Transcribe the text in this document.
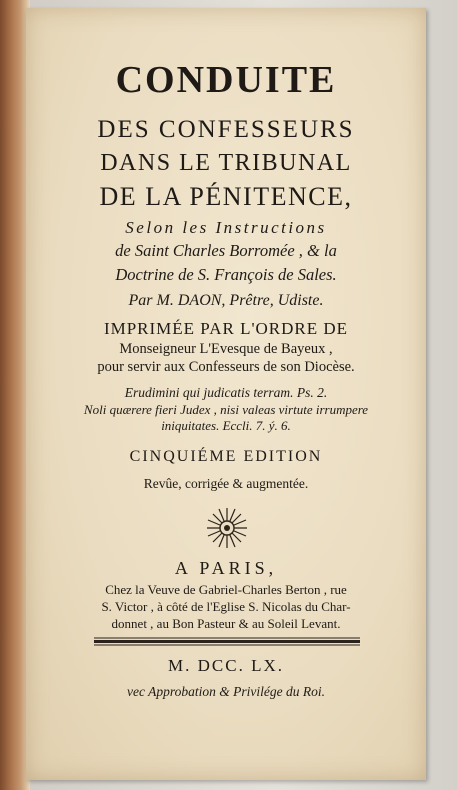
CONDUITE
DES CONFESSEURS
DANS LE TRIBUNAL
DE LA PÉNITENCE,
Selon les Instructions
de Saint Charles Borromée , & la
Doctrine de S. François de Sales.
Par M. DAON, Prêtre, Udiste.
IMPRIMÉE PAR L'ORDRE DE
Monseigneur L'Evesque de Bayeux ,
pour servir aux Confesseurs de son Diocèse.
Erudimini qui judicatis terram. Ps. 2.
Noli quærere fieri Judex , nisi valeas virtute irrumpere
iniquitates. Eccli. 7. ý. 6.
CINQUIÉME EDITION
Revûe, corrigée & augmentée.
A PARIS,
Chez la Veuve de Gabriel-Charles Berton , rue
S. Victor , à côté de l'Eglise S. Nicolas du Char-
donnet , au Bon Pasteur & au Soleil Levant.
M. DCC. LX.
vec Approbation & Privilége du Roi.
